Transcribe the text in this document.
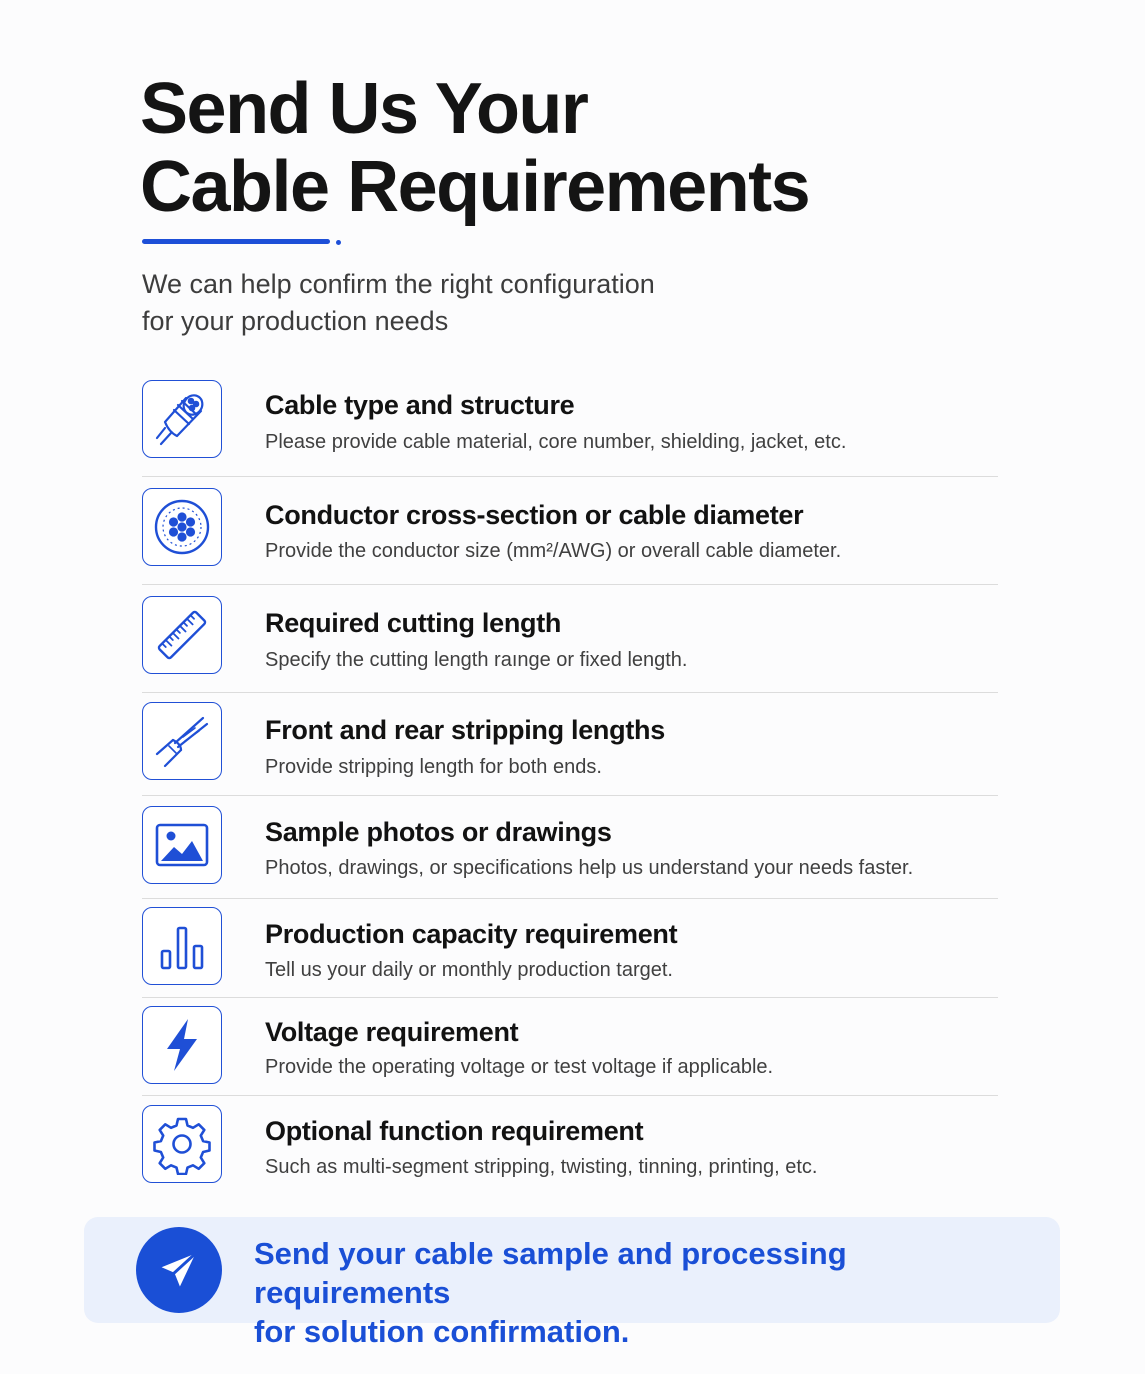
Send Us Your
Cable Requirements
We can help confirm the right configuration
for your production needs
Cable type and structure
Please provide cable material, core number, shielding, jacket, etc.
Conductor cross-section or cable diameter
Provide the conductor size (mm²/AWG) or overall cable diameter.
Required cutting length
Specify the cutting length raınge or fixed length.
Front and rear stripping lengths
Provide stripping length for both ends.
Sample photos or drawings
Photos, drawings, or specifications help us understand your needs faster.
Production capacity requirement
Tell us your daily or monthly production target.
Voltage requirement
Provide the operating voltage or test voltage if applicable.
Optional function requirement
Such as multi-segment stripping, twisting, tinning, printing, etc.
Send your cable sample and processing requirements
for solution confirmation.
